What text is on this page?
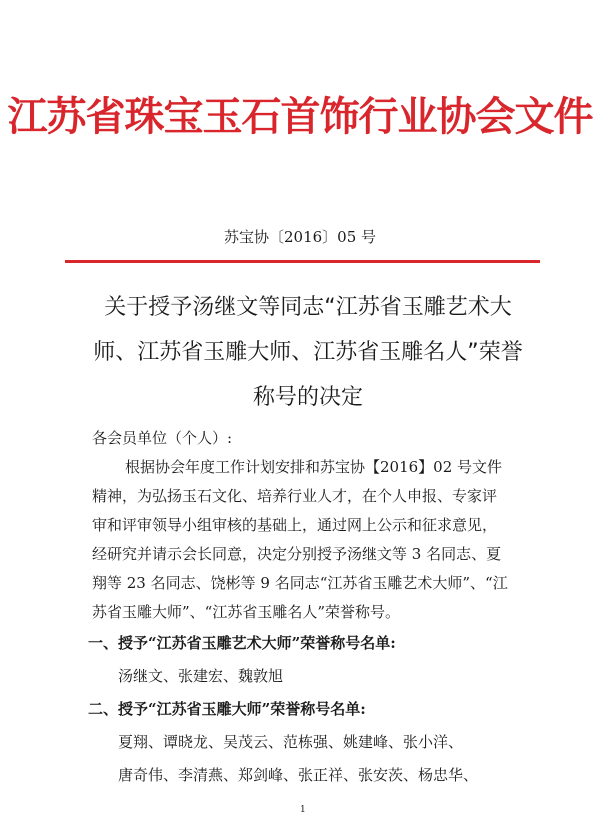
江苏省珠宝玉石首饰行业协会文件
苏宝协〔2016〕05 号
关于授予汤继文等同志“江苏省玉雕艺术大
师、江苏省玉雕大师、江苏省玉雕名人”荣誉
称号的决定
各会员单位（个人）:
根据协会年度工作计划安排和苏宝协【2016】02 号文件
精神，为弘扬玉石文化、培养行业人才，在个人申报、专家评
审和评审领导小组审核的基础上，通过网上公示和征求意见，
经研究并请示会长同意，决定分别授予汤继文等 3 名同志、夏
翔等 23 名同志、饶彬等 9 名同志“江苏省玉雕艺术大师”、“江
苏省玉雕大师”、“江苏省玉雕名人”荣誉称号。
一、授予“江苏省玉雕艺术大师”荣誉称号名单:
汤继文、张建宏、魏敦旭
二、授予“江苏省玉雕大师”荣誉称号名单:
夏翔、谭晓龙、吴茂云、范栋强、姚建峰、张小洋、
唐奇伟、李清燕、郑剑峰、张正祥、张安茨、杨忠华、
1
